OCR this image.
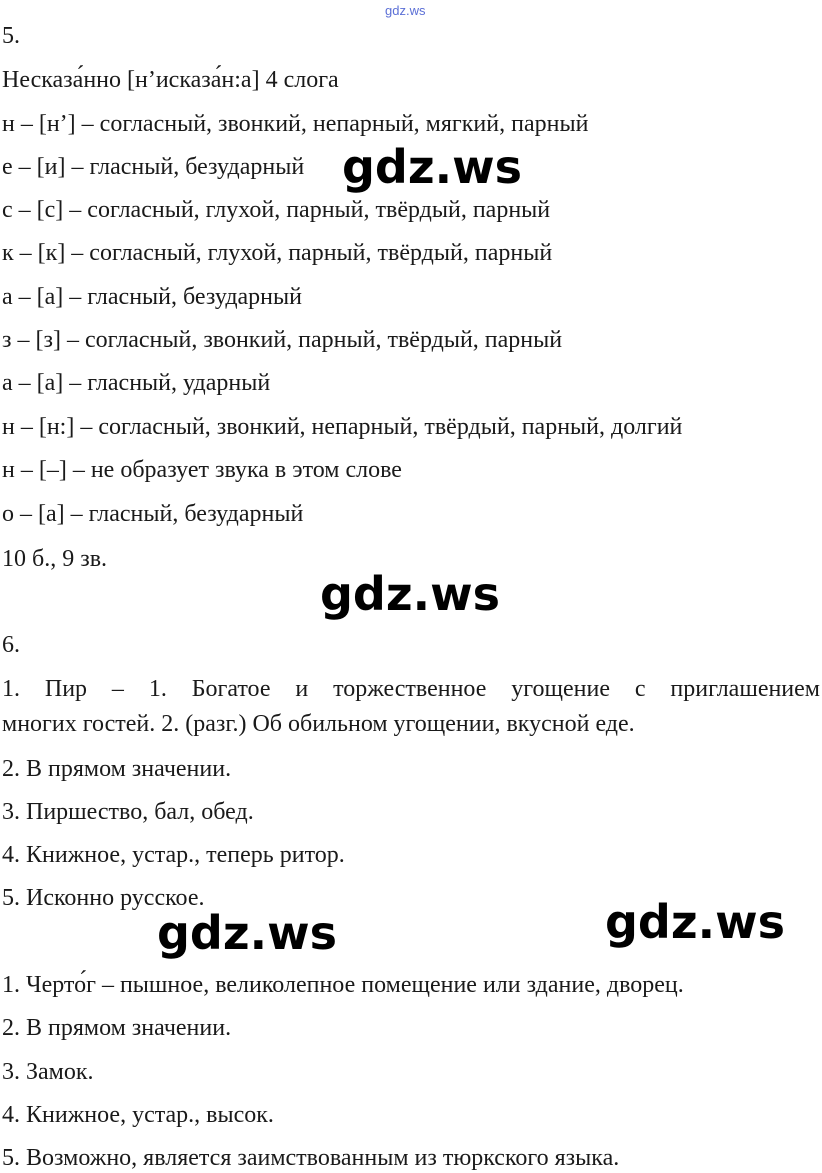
gdz.ws
5.
Несказа́нно [н’исказа́н:а] 4 слога
н – [н’] – согласный, звонкий, непарный, мягкий, парный
е – [и] – гласный, безударный
с – [с] – согласный, глухой, парный, твёрдый, парный
к – [к] – согласный, глухой, парный, твёрдый, парный
а – [а] – гласный, безударный
з – [з] – согласный, звонкий, парный, твёрдый, парный
а – [а] – гласный, ударный
н – [н:] – согласный, звонкий, непарный, твёрдый, парный, долгий
н – [–] – не образует звука в этом слове
о – [а] – гласный, безударный
10 б., 9 зв.
6.
1. Пир – 1. Богатое и торжественное угощение с приглашением
многих гостей. 2. (разг.) Об обильном угощении, вкусной еде.
2. В прямом значении.
3. Пиршество, бал, обед.
4. Книжное, устар., теперь ритор.
5. Исконно русское.
1. Черто́г – пышное, великолепное помещение или здание, дворец.
2. В прямом значении.
3. Замок.
4. Книжное, устар., высок.
5. Возможно, является заимствованным из тюркского языка.
gdz.ws
gdz.ws
gdz.ws	gdz.ws
